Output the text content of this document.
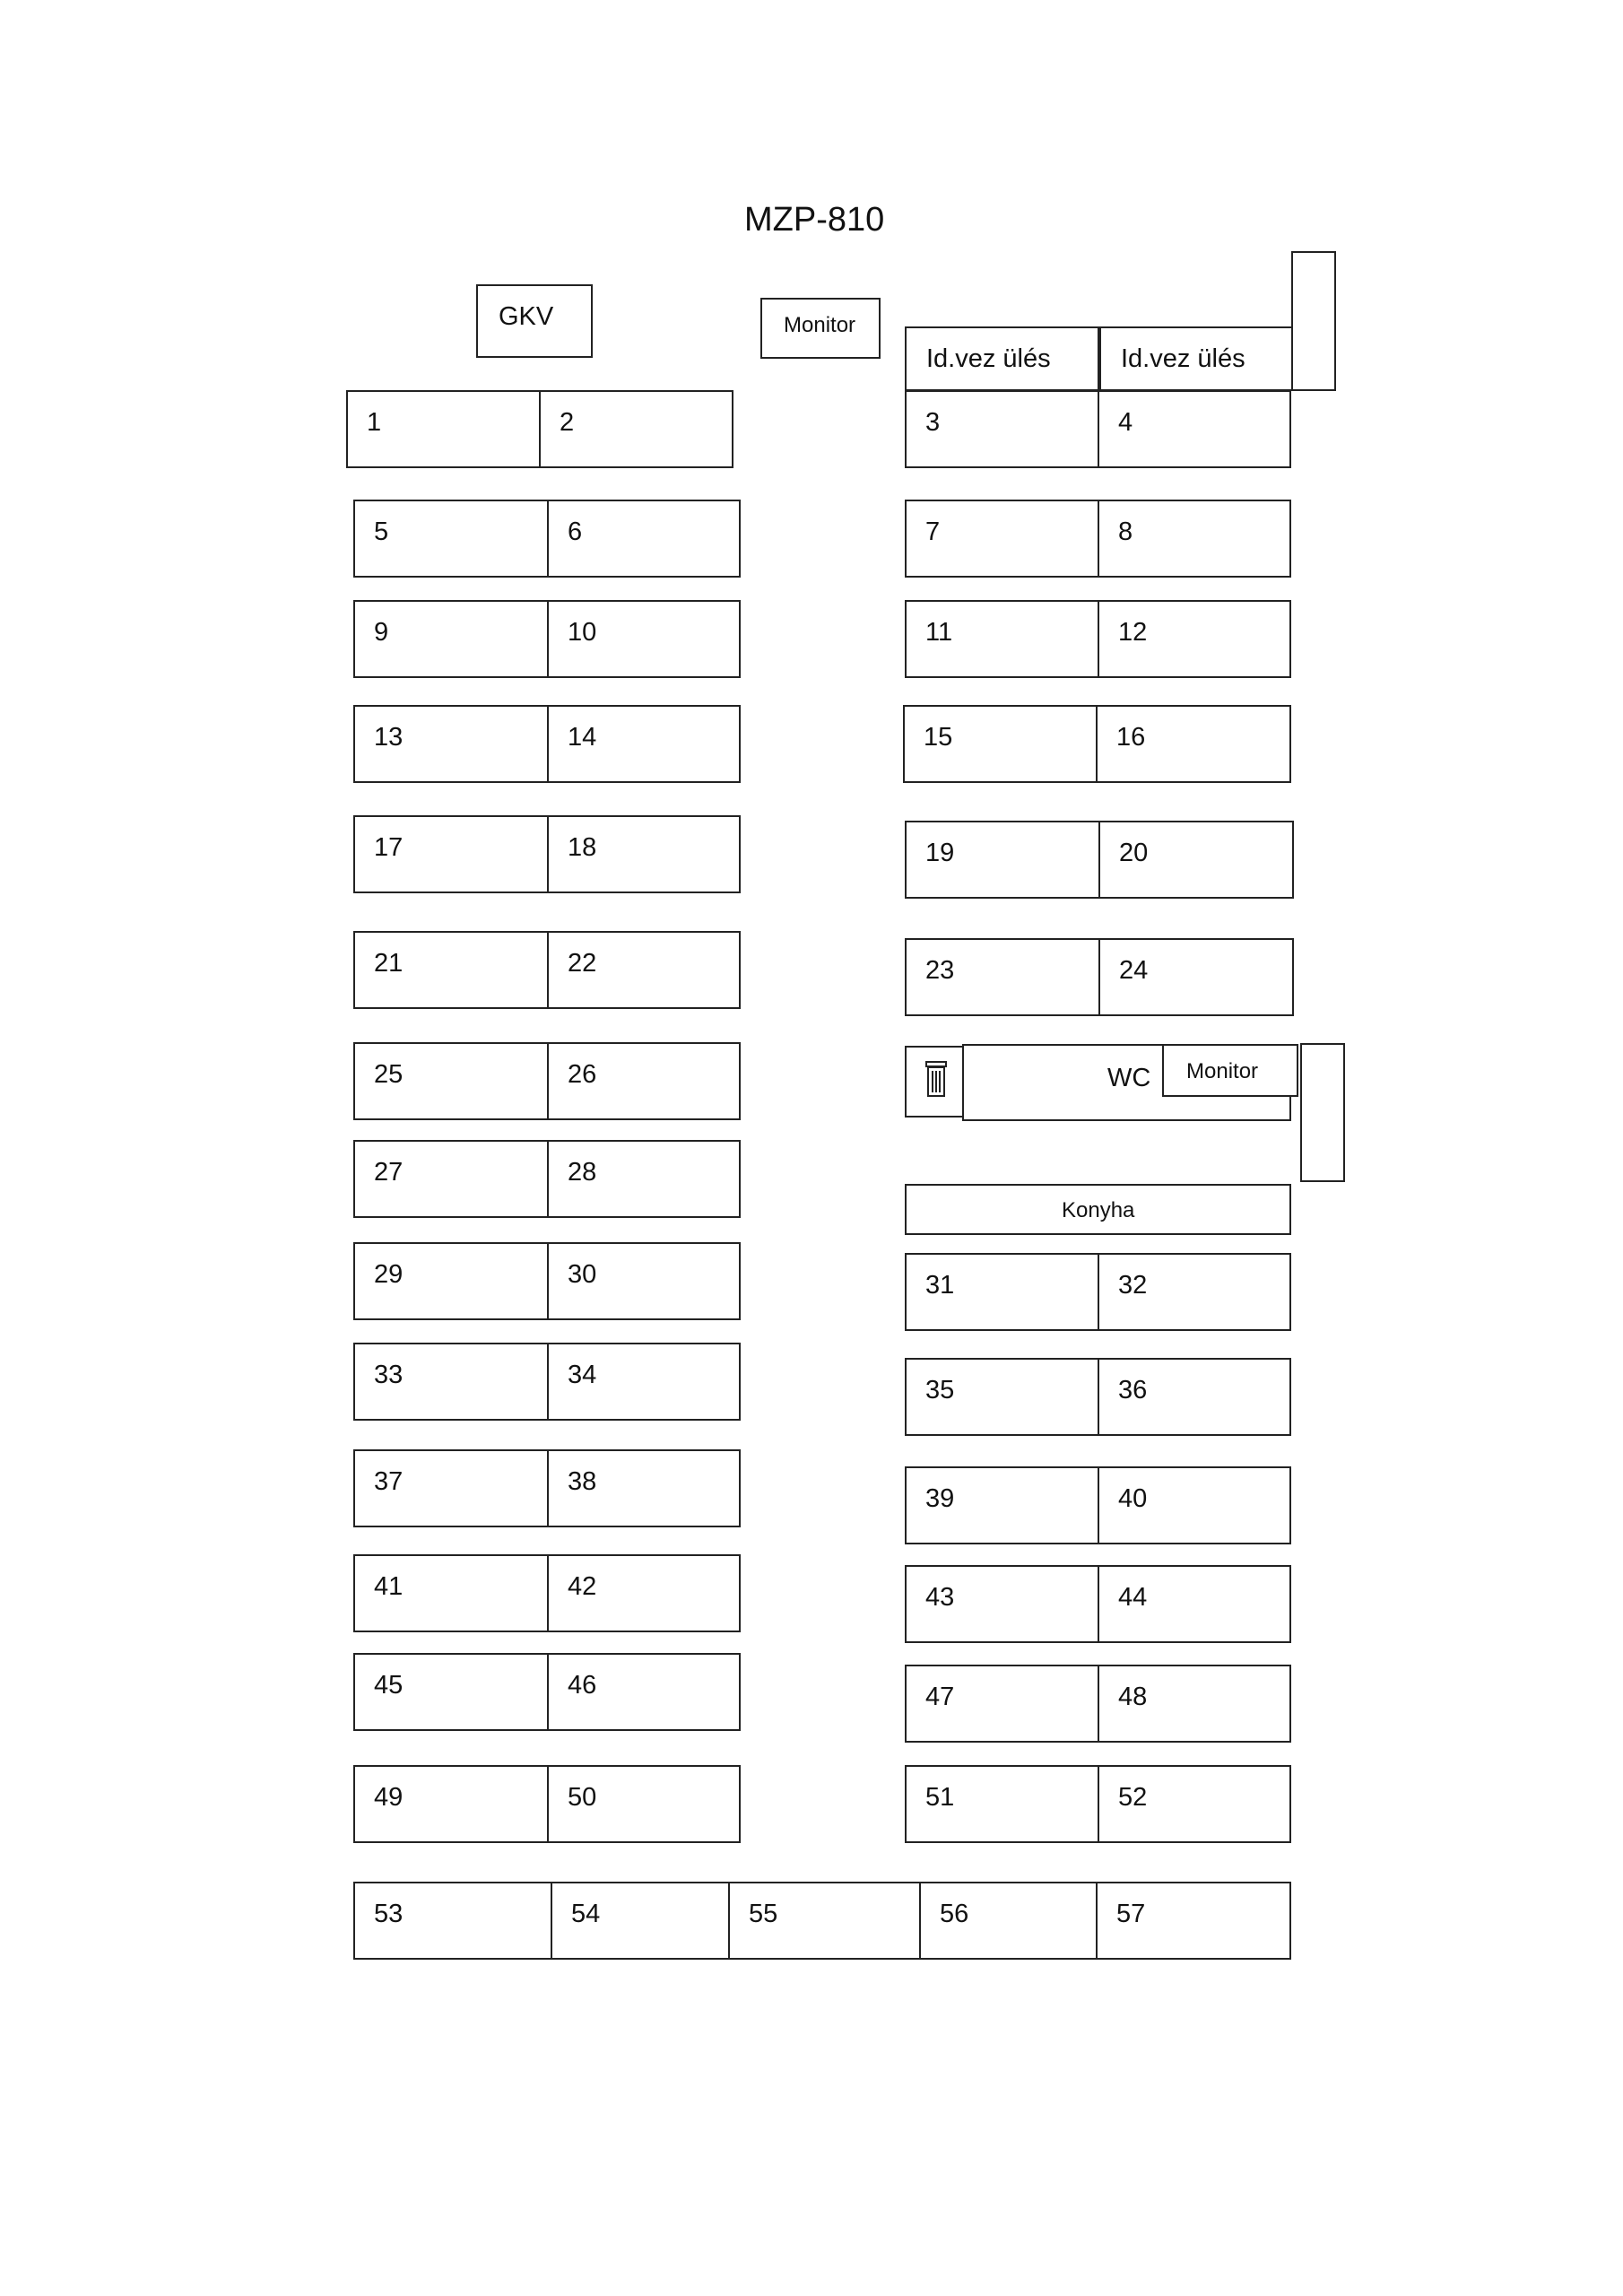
MZP-810
GKV	Monitor
Id.vez ülés	Id.vez ülés
WC Monitor
Konyha
1	2	3	4
5	6	7	8
9	10	11	12
13	14	15	16
17	18	19	20
21	22	23	24
25	26
27	28
29	30	31	32
33	34
35	36
37	38
39	40
41	42	43	44
45	46	47	48
49	50	51	52
53	54	55	56	57
